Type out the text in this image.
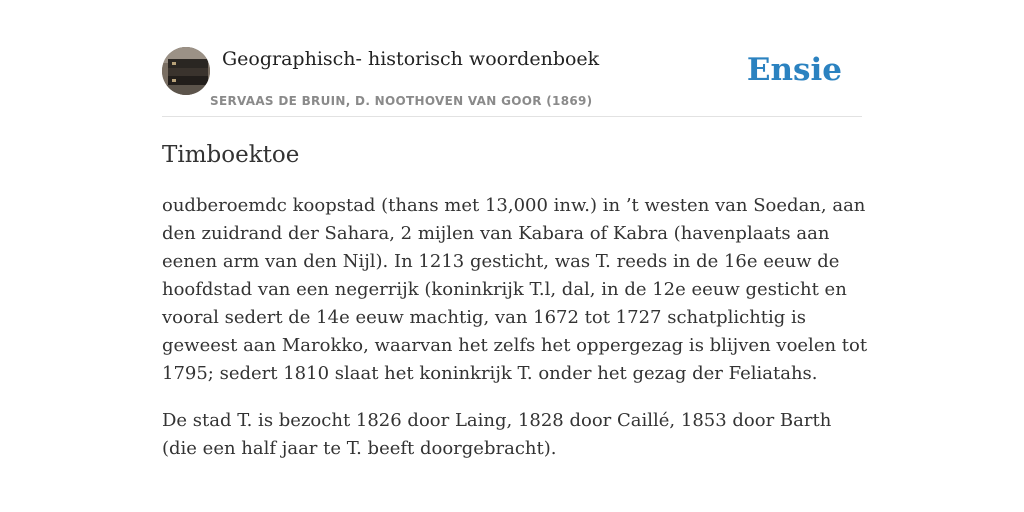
Geographisch- historisch woordenboek
SERVAAS DE BRUIN, D. NOOTHOVEN VAN GOOR (1869)
Ensie
Timboektoe

oudberoemdc koopstad (thans met 13,000 inw.) in ’t westen van Soedan, aan den zuidrand der Sahara, 2 mijlen van Kabara of Kabra (havenplaats aan eenen arm van den Nijl). In 1213 gesticht, was T. reeds in de 16e eeuw de hoofdstad van een negerrijk (koninkrijk T.l, dal, in de 12e eeuw gesticht en vooral sedert de 14e eeuw machtig, van 1672 tot 1727 schatplichtig is geweest aan Marokko, waarvan het zelfs het oppergezag is blijven voelen tot 1795; sedert 1810 slaat het koninkrijk T. onder het gezag der Feliatahs.

De stad T. is bezocht 1826 door Laing, 1828 door Caillé, 1853 door Barth (die een half jaar te T. beeft doorgebracht).
